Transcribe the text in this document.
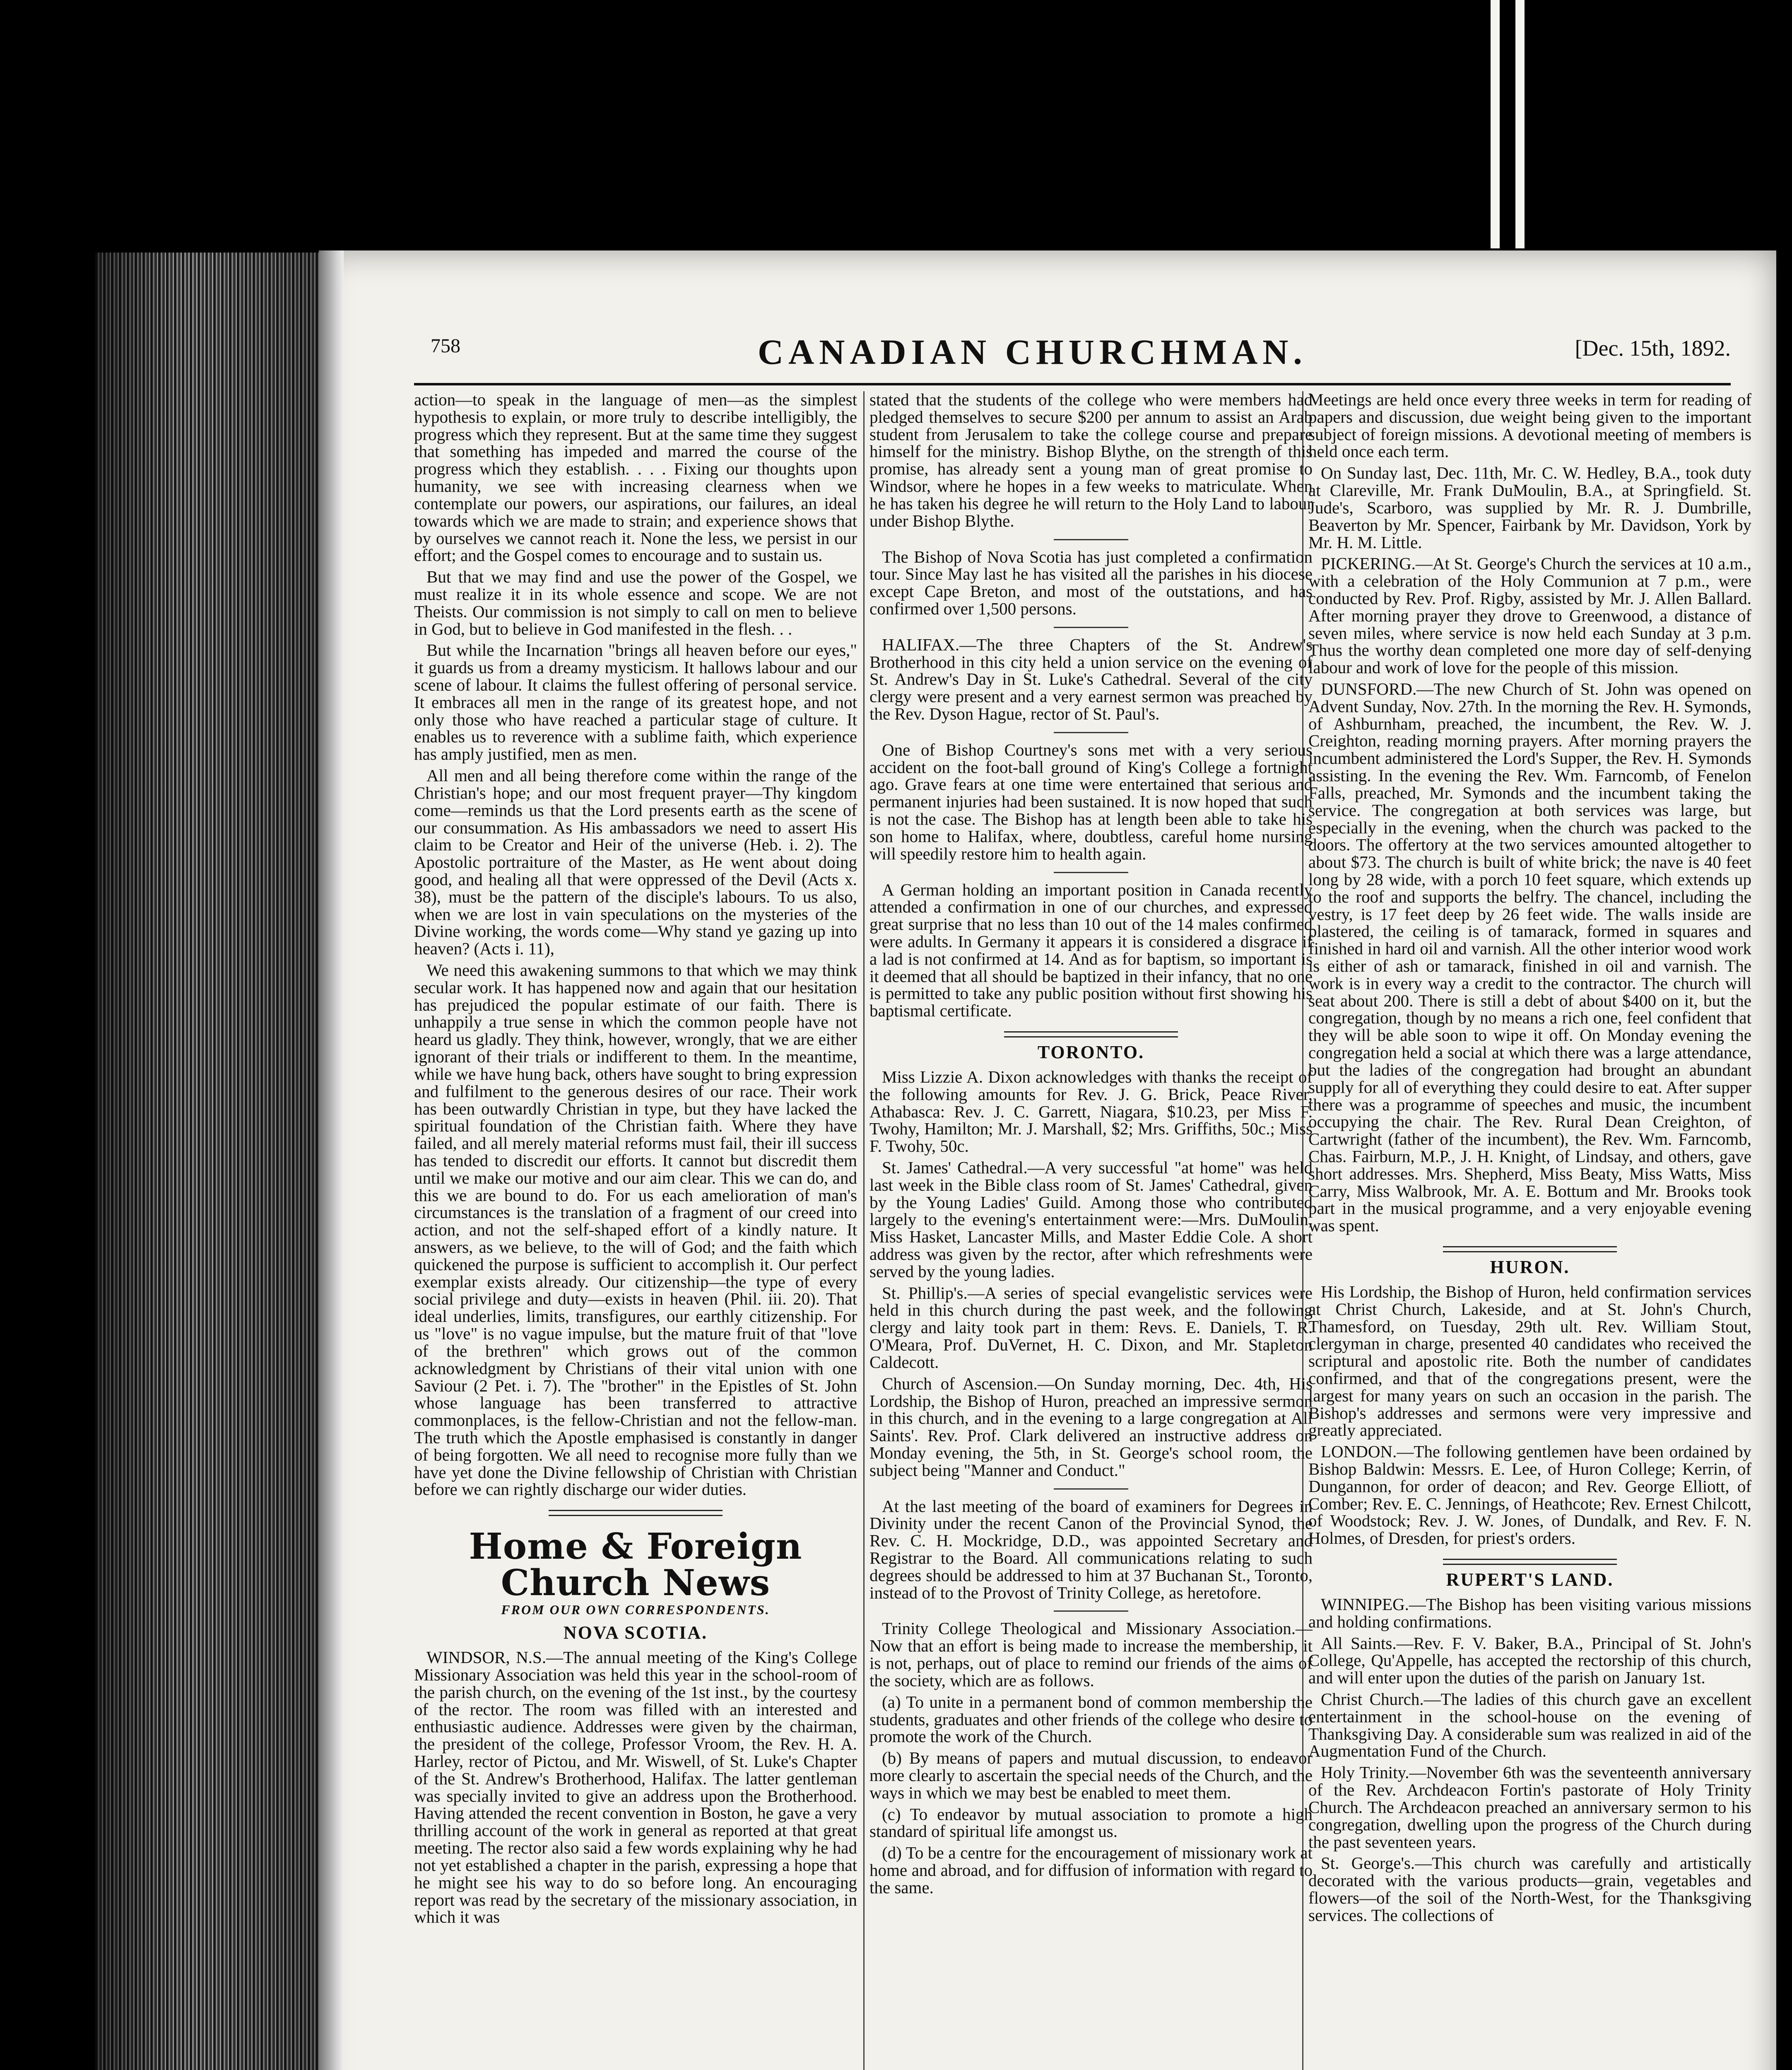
758	CANADIAN CHURCHMAN.	[Dec. 15th, 1892.

action—to speak in the language of men—as the simplest hypothesis to explain, or more truly to describe intelligibly, the progress which they represent. But at the same time they suggest that something has impeded and marred the course of the progress which they establish. . . . Fixing our thoughts upon humanity, we see with increasing clearness when we contemplate our powers, our aspirations, our failures, an ideal towards which we are made to strain; and experience shows that by ourselves we cannot reach it. None the less, we persist in our effort; and the Gospel comes to encourage and to sustain us.

But that we may find and use the power of the Gospel, we must realize it in its whole essence and scope. We are not Theists. Our commission is not simply to call on men to believe in God, but to believe in God manifested in the flesh. . .

But while the Incarnation "brings all heaven before our eyes," it guards us from a dreamy mysticism. It hallows labour and our scene of labour. It claims the fullest offering of personal service. It embraces all men in the range of its greatest hope, and not only those who have reached a particular stage of culture. It enables us to reverence with a sublime faith, which experience has amply justified, men as men.

All men and all being therefore come within the range of the Christian's hope; and our most frequent prayer—Thy kingdom come—reminds us that the Lord presents earth as the scene of our consummation. As His ambassadors we need to assert His claim to be Creator and Heir of the universe (Heb. i. 2). The Apostolic portraiture of the Master, as He went about doing good, and healing all that were oppressed of the Devil (Acts x. 38), must be the pattern of the disciple's labours. To us also, when we are lost in vain speculations on the mysteries of the Divine working, the words come—Why stand ye gazing up into heaven? (Acts i. 11),

We need this awakening summons to that which we may think secular work. It has happened now and again that our hesitation has prejudiced the popular estimate of our faith. There is unhappily a true sense in which the common people have not heard us gladly. They think, however, wrongly, that we are either ignorant of their trials or indifferent to them. In the meantime, while we have hung back, others have sought to bring expression and fulfilment to the generous desires of our race. Their work has been outwardly Christian in type, but they have lacked the spiritual foundation of the Christian faith. Where they have failed, and all merely material reforms must fail, their ill success has tended to discredit our efforts. It cannot but discredit them until we make our motive and our aim clear. This we can do, and this we are bound to do. For us each amelioration of man's circumstances is the translation of a fragment of our creed into action, and not the self-shaped effort of a kindly nature. It answers, as we believe, to the will of God; and the faith which quickened the purpose is sufficient to accomplish it. Our perfect exemplar exists already. Our citizenship—the type of every social privilege and duty—exists in heaven (Phil. iii. 20). That ideal underlies, limits, transfigures, our earthly citizenship. For us "love" is no vague impulse, but the mature fruit of that "love of the brethren" which grows out of the common acknowledgment by Christians of their vital union with one Saviour (2 Pet. i. 7). The "brother" in the Epistles of St. John whose language has been transferred to attractive commonplaces, is the fellow-Christian and not the fellow-man. The truth which the Apostle emphasised is constantly in danger of being forgotten. We all need to recognise more fully than we have yet done the Divine fellowship of Christian with Christian before we can rightly discharge our wider duties.

Home & Foreign Church News
FROM OUR OWN CORRESPONDENTS.
NOVA SCOTIA.

WINDSOR, N.S.—The annual meeting of the King's College Missionary Association was held this year in the school-room of the parish church, on the evening of the 1st inst., by the courtesy of the rector. The room was filled with an interested and enthusiastic audience. Addresses were given by the chairman, the president of the college, Professor Vroom, the Rev. H. A. Harley, rector of Pictou, and Mr. Wiswell, of St. Luke's Chapter of the St. Andrew's Brotherhood, Halifax. The latter gentleman was specially invited to give an address upon the Brotherhood. Having attended the recent convention in Boston, he gave a very thrilling account of the work in general as reported at that great meeting. The rector also said a few words explaining why he had not yet established a chapter in the parish, expressing a hope that he might see his way to do so before long. An encouraging report was read by the secretary of the missionary association, in which it was

stated that the students of the college who were members had pledged themselves to secure $200 per annum to assist an Arab student from Jerusalem to take the college course and prepare himself for the ministry. Bishop Blythe, on the strength of this promise, has already sent a young man of great promise to Windsor, where he hopes in a few weeks to matriculate. When he has taken his degree he will return to the Holy Land to labour under Bishop Blythe.

The Bishop of Nova Scotia has just completed a confirmation tour. Since May last he has visited all the parishes in his diocese except Cape Breton, and most of the outstations, and has confirmed over 1,500 persons.

HALIFAX.—The three Chapters of the St. Andrew's Brotherhood in this city held a union service on the evening of St. Andrew's Day in St. Luke's Cathedral. Several of the city clergy were present and a very earnest sermon was preached by the Rev. Dyson Hague, rector of St. Paul's.

One of Bishop Courtney's sons met with a very serious accident on the foot-ball ground of King's College a fortnight ago. Grave fears at one time were entertained that serious and permanent injuries had been sustained. It is now hoped that such is not the case. The Bishop has at length been able to take his son home to Halifax, where, doubtless, careful home nursing will speedily restore him to health again.

A German holding an important position in Canada recently attended a confirmation in one of our churches, and expressed great surprise that no less than 10 out of the 14 males confirmed were adults. In Germany it appears it is considered a disgrace if a lad is not confirmed at 14. And as for baptism, so important is it deemed that all should be baptized in their infancy, that no one is permitted to take any public position without first showing his baptismal certificate.

TORONTO.

Miss Lizzie A. Dixon acknowledges with thanks the receipt of the following amounts for Rev. J. G. Brick, Peace River, Athabasca: Rev. J. C. Garrett, Niagara, $10.23, per Miss F. Twohy, Hamilton; Mr. J. Marshall, $2; Mrs. Griffiths, 50c.; Miss F. Twohy, 50c.

St. James' Cathedral.—A very successful "at home" was held last week in the Bible class room of St. James' Cathedral, given by the Young Ladies' Guild. Among those who contributed largely to the evening's entertainment were:—Mrs. DuMoulin, Miss Hasket, Lancaster Mills, and Master Eddie Cole. A short address was given by the rector, after which refreshments were served by the young ladies.

St. Phillip's.—A series of special evangelistic services were held in this church during the past week, and the following clergy and laity took part in them: Revs. E. Daniels, T. R. O'Meara, Prof. DuVernet, H. C. Dixon, and Mr. Stapleton Caldecott.

Church of Ascension.—On Sunday morning, Dec. 4th, His Lordship, the Bishop of Huron, preached an impressive sermon in this church, and in the evening to a large congregation at All Saints'. Rev. Prof. Clark delivered an instructive address on Monday evening, the 5th, in St. George's school room, the subject being "Manner and Conduct."

At the last meeting of the board of examiners for Degrees in Divinity under the recent Canon of the Provincial Synod, the Rev. C. H. Mockridge, D.D., was appointed Secretary and Registrar to the Board. All communications relating to such degrees should be addressed to him at 37 Buchanan St., Toronto, instead of to the Provost of Trinity College, as heretofore.

Trinity College Theological and Missionary Association.—Now that an effort is being made to increase the membership, it is not, perhaps, out of place to remind our friends of the aims of the society, which are as follows.

(a) To unite in a permanent bond of common membership the students, graduates and other friends of the college who desire to promote the work of the Church.

(b) By means of papers and mutual discussion, to endeavor more clearly to ascertain the special needs of the Church, and the ways in which we may best be enabled to meet them.

(c) To endeavor by mutual association to promote a high standard of spiritual life amongst us.

(d) To be a centre for the encouragement of missionary work at home and abroad, and for diffusion of information with regard to the same.

Meetings are held once every three weeks in term for reading of papers and discussion, due weight being given to the important subject of foreign missions. A devotional meeting of members is held once each term.

On Sunday last, Dec. 11th, Mr. C. W. Hedley, B.A., took duty at Clareville, Mr. Frank DuMoulin, B.A., at Springfield. St. Jude's, Scarboro, was supplied by Mr. R. J. Dumbrille, Beaverton by Mr. Spencer, Fairbank by Mr. Davidson, York by Mr. H. M. Little.

PICKERING.—At St. George's Church the services at 10 a.m., with a celebration of the Holy Communion at 7 p.m., were conducted by Rev. Prof. Rigby, assisted by Mr. J. Allen Ballard. After morning prayer they drove to Greenwood, a distance of seven miles, where service is now held each Sunday at 3 p.m. Thus the worthy dean completed one more day of self-denying labour and work of love for the people of this mission.

DUNSFORD.—The new Church of St. John was opened on Advent Sunday, Nov. 27th. In the morning the Rev. H. Symonds, of Ashburnham, preached, the incumbent, the Rev. W. J. Creighton, reading morning prayers. After morning prayers the incumbent administered the Lord's Supper, the Rev. H. Symonds assisting. In the evening the Rev. Wm. Farncomb, of Fenelon Falls, preached, Mr. Symonds and the incumbent taking the service. The congregation at both services was large, but especially in the evening, when the church was packed to the doors. The offertory at the two services amounted altogether to about $73. The church is built of white brick; the nave is 40 feet long by 28 wide, with a porch 10 feet square, which extends up to the roof and supports the belfry. The chancel, including the vestry, is 17 feet deep by 26 feet wide. The walls inside are plastered, the ceiling is of tamarack, formed in squares and finished in hard oil and varnish. All the other interior wood work is either of ash or tamarack, finished in oil and varnish. The work is in every way a credit to the contractor. The church will seat about 200. There is still a debt of about $400 on it, but the congregation, though by no means a rich one, feel confident that they will be able soon to wipe it off. On Monday evening the congregation held a social at which there was a large attendance, but the ladies of the congregation had brought an abundant supply for all of everything they could desire to eat. After supper there was a programme of speeches and music, the incumbent occupying the chair. The Rev. Rural Dean Creighton, of Cartwright (father of the incumbent), the Rev. Wm. Farncomb, Chas. Fairburn, M.P., J. H. Knight, of Lindsay, and others, gave short addresses. Mrs. Shepherd, Miss Beaty, Miss Watts, Miss Carry, Miss Walbrook, Mr. A. E. Bottum and Mr. Brooks took part in the musical programme, and a very enjoyable evening was spent.

HURON.

His Lordship, the Bishop of Huron, held confirmation services at Christ Church, Lakeside, and at St. John's Church, Thamesford, on Tuesday, 29th ult. Rev. William Stout, clergyman in charge, presented 40 candidates who received the scriptural and apostolic rite. Both the number of candidates confirmed, and that of the congregations present, were the largest for many years on such an occasion in the parish. The Bishop's addresses and sermons were very impressive and greatly appreciated.

LONDON.—The following gentlemen have been ordained by Bishop Baldwin: Messrs. E. Lee, of Huron College; Kerrin, of Dungannon, for order of deacon; and Rev. George Elliott, of Comber; Rev. E. C. Jennings, of Heathcote; Rev. Ernest Chilcott, of Woodstock; Rev. J. W. Jones, of Dundalk, and Rev. F. N. Holmes, of Dresden, for priest's orders.

RUPERT'S LAND.

WINNIPEG.—The Bishop has been visiting various missions and holding confirmations.

All Saints.—Rev. F. V. Baker, B.A., Principal of St. John's College, Qu'Appelle, has accepted the rectorship of this church, and will enter upon the duties of the parish on January 1st.

Christ Church.—The ladies of this church gave an excellent entertainment in the school-house on the evening of Thanksgiving Day. A considerable sum was realized in aid of the Augmentation Fund of the Church.

Holy Trinity.—November 6th was the seventeenth anniversary of the Rev. Archdeacon Fortin's pastorate of Holy Trinity Church. The Archdeacon preached an anniversary sermon to his congregation, dwelling upon the progress of the Church during the past seventeen years.

St. George's.—This church was carefully and artistically decorated with the various products—grain, vegetables and flowers—of the soil of the North-West, for the Thanksgiving services. The collections of
